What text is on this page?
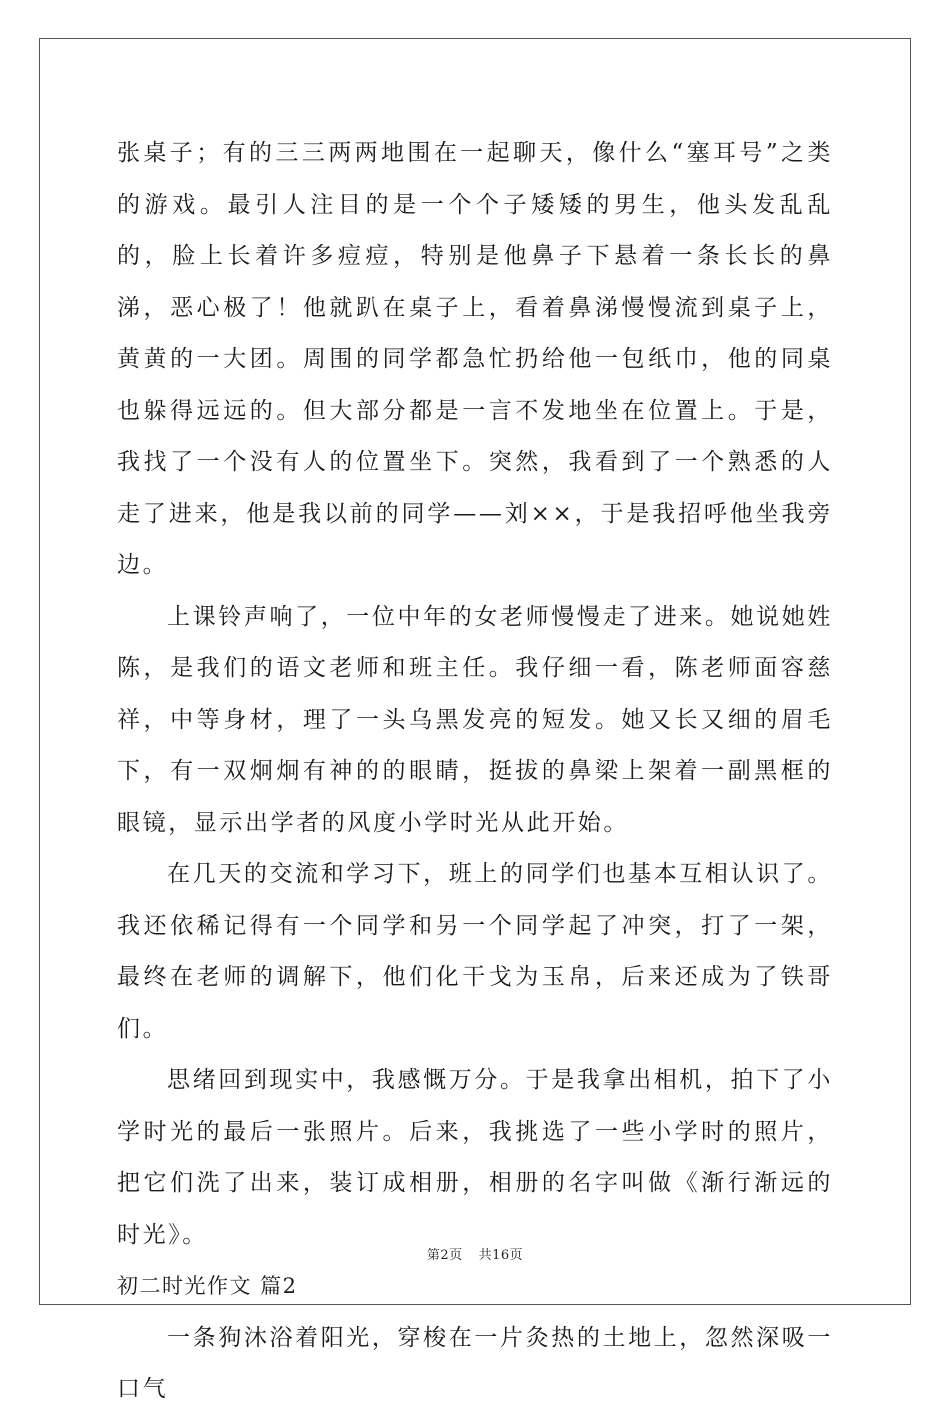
张桌子；有的三三两两地围在一起聊天，像什么“塞耳号”之类的游戏。最引人注目的是一个个子矮矮的男生，他头发乱乱的，脸上长着许多痘痘，特别是他鼻子下悬着一条长长的鼻涕，恶心极了！他就趴在桌子上，看着鼻涕慢慢流到桌子上，黄黄的一大团。周围的同学都急忙扔给他一包纸巾，他的同桌也躲得远远的。但大部分都是一言不发地坐在位置上。于是，我找了一个没有人的位置坐下。突然，我看到了一个熟悉的人走了进来，他是我以前的同学——刘××，于是我招呼他坐我旁边。

上课铃声响了，一位中年的女老师慢慢走了进来。她说她姓陈，是我们的语文老师和班主任。我仔细一看，陈老师面容慈祥，中等身材，理了一头乌黑发亮的短发。她又长又细的眉毛下，有一双炯炯有神的的眼睛，挺拔的鼻梁上架着一副黑框的眼镜，显示出学者的风度小学时光从此开始。

在几天的交流和学习下，班上的同学们也基本互相认识了。我还依稀记得有一个同学和另一个同学起了冲突，打了一架，最终在老师的调解下，他们化干戈为玉帛，后来还成为了铁哥们。

思绪回到现实中，我感慨万分。于是我拿出相机，拍下了小学时光的最后一张照片。后来，我挑选了一些小学时的照片，把它们洗了出来，装订成相册，相册的名字叫做《渐行渐远的时光》。

初二时光作文 篇2

一条狗沐浴着阳光，穿梭在一片灸热的土地上，忽然深吸一口气

第2页 共16页
